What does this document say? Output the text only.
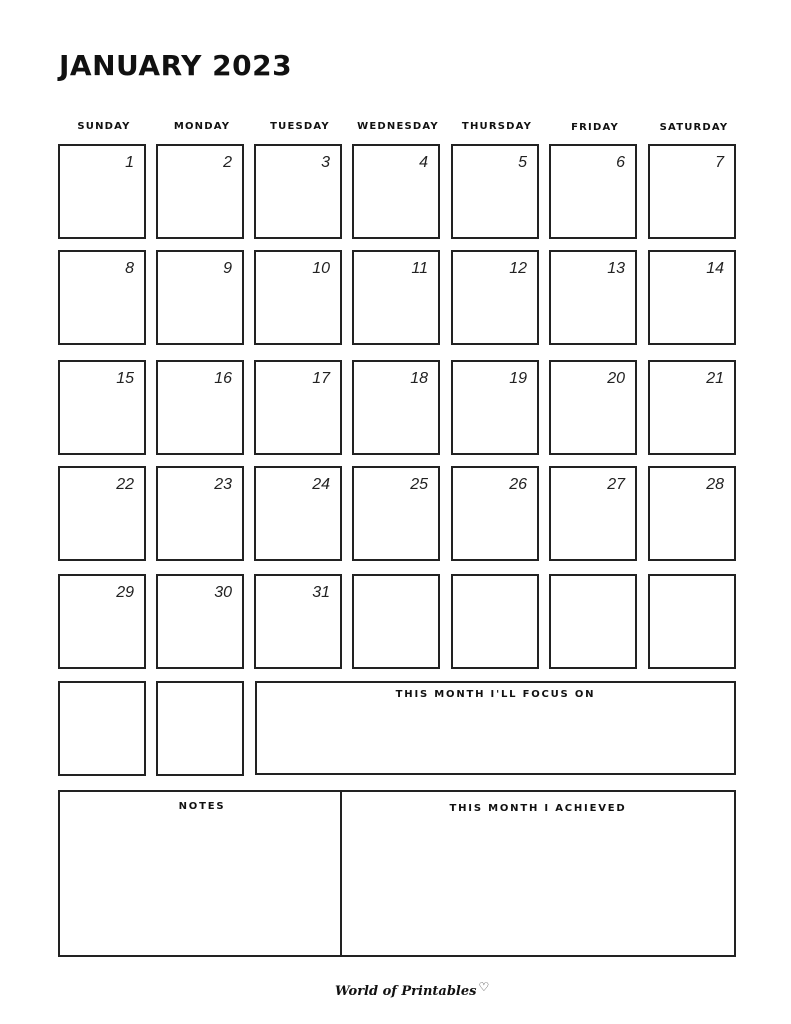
JANUARY 2023
SUNDAY	MONDAY	TUESDAY	WEDNESDAY	THURSDAY	FRIDAY	SATURDAY
1	2	3	4	5	6	7
8	9	10	11	12	13	14
15	16	17	18	19	20	21
22	23	24	25	26	27	28
29	30	31
THIS MONTH I'LL FOCUS ON
NOTES	THIS MONTH I ACHIEVED
World of Printables ♡
